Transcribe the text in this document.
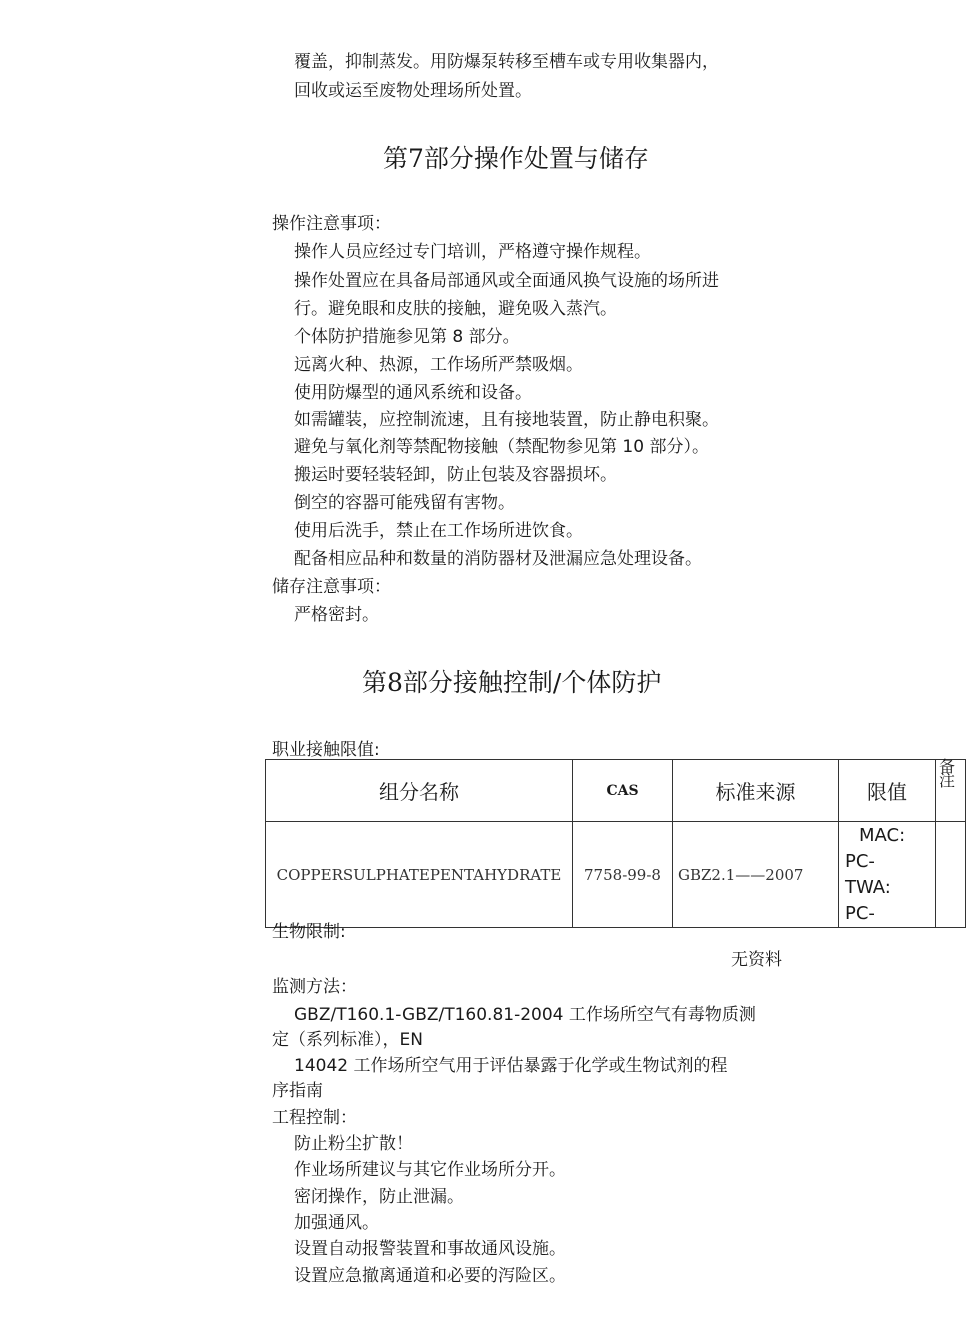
覆盖，抑制蒸发。用防爆泵转移至槽车或专用收集器内，
回收或运至废物处理场所处置。
第7部分操作处置与储存
操作注意事项：
操作人员应经过专门培训，严格遵守操作规程。
操作处置应在具备局部通风或全面通风换气设施的场所进
行。避免眼和皮肤的接触，避免吸入蒸汽。
个体防护措施参见第 8 部分。
远离火种、热源，工作场所严禁吸烟。
使用防爆型的通风系统和设备。
如需罐装，应控制流速，且有接地装置，防止静电积聚。
避免与氧化剂等禁配物接触（禁配物参见第 10 部分）。
搬运时要轻装轻卸，防止包装及容器损坏。
倒空的容器可能残留有害物。
使用后洗手，禁止在工作场所进饮食。
配备相应品种和数量的消防器材及泄漏应急处理设备。
储存注意事项：
严格密封。
第8部分接触控制/个体防护
职业接触限值:
组分名称	CAS	标准来源	限值	备注
COPPERSULPHATEPENTAHYDRATE	7758-99-8	GBZ2.1——2007	MAC:
PC-
TWA:
PC-	

生物限制:
无资料
监测方法：
GBZ/T160.1-GBZ/T160.81-2004 工作场所空气有毒物质测
定（系列标准），EN
14042 工作场所空气用于评估暴露于化学或生物试剂的程
序指南
工程控制：
防止粉尘扩散！
作业场所建议与其它作业场所分开。
密闭操作，防止泄漏。
加强通风。
设置自动报警装置和事故通风设施。
设置应急撤离通道和必要的泻险区。
